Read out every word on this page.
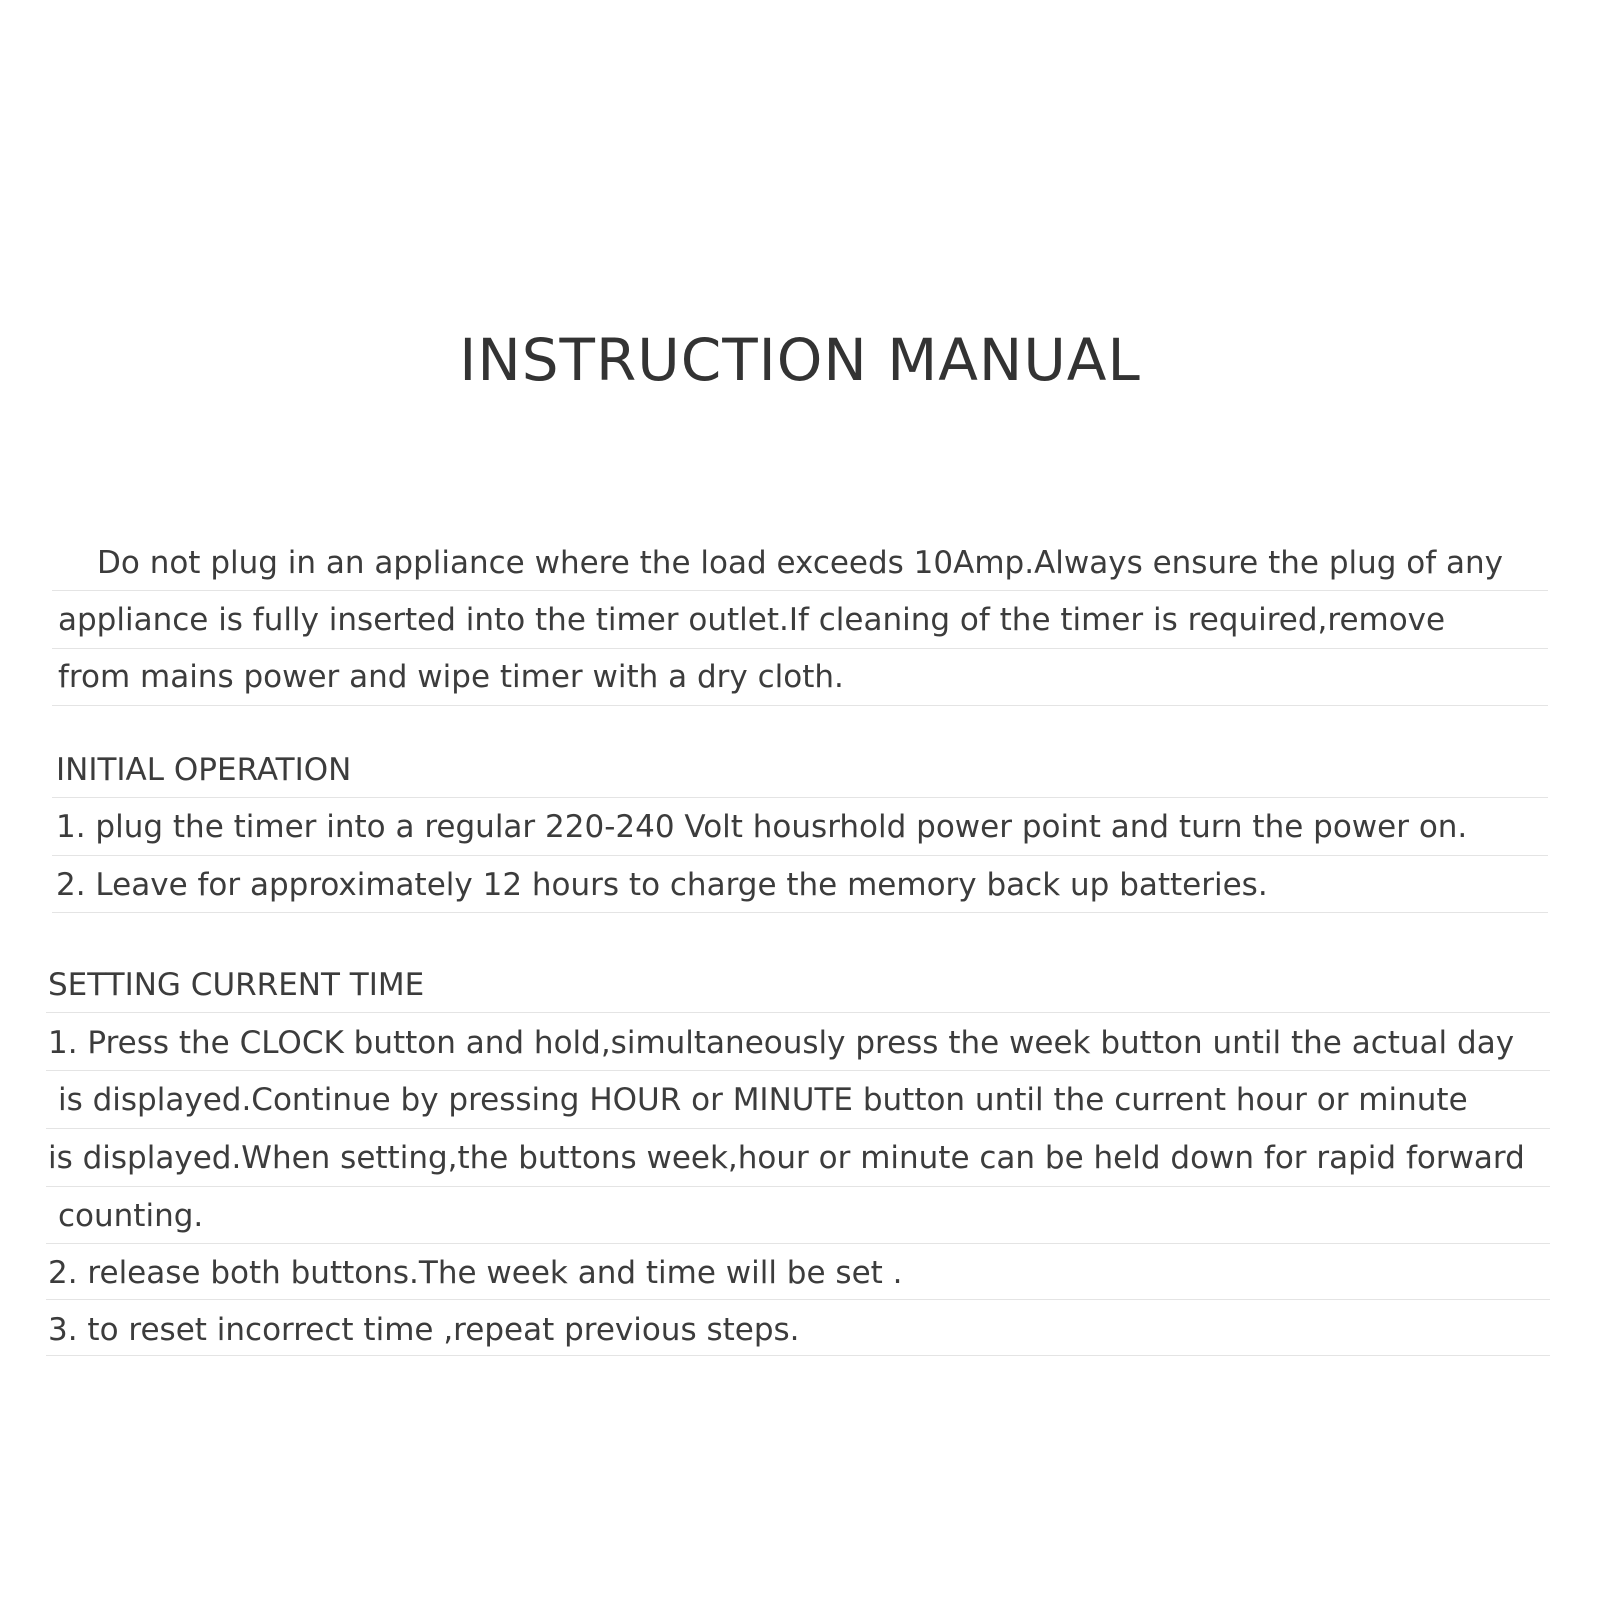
INSTRUCTION MANUAL
Do not plug in an appliance where the load exceeds 10Amp.Always ensure the plug of any
appliance is fully inserted into the timer outlet.If cleaning of the timer is required,remove
from mains power and wipe timer with a dry cloth.
INITIAL OPERATION
1. plug the timer into a regular 220-240 Volt housrhold power point and turn the power on.
2. Leave for approximately 12 hours to charge the memory back up batteries.
SETTING CURRENT TIME
1. Press the CLOCK button and hold,simultaneously press the week button until the actual day
is displayed.Continue by pressing HOUR or MINUTE button until the current hour or minute
is displayed.When setting,the buttons week,hour or minute can be held down for rapid forward
counting.
2. release both buttons.The week and time will be set .
3. to reset incorrect time ,repeat previous steps.
